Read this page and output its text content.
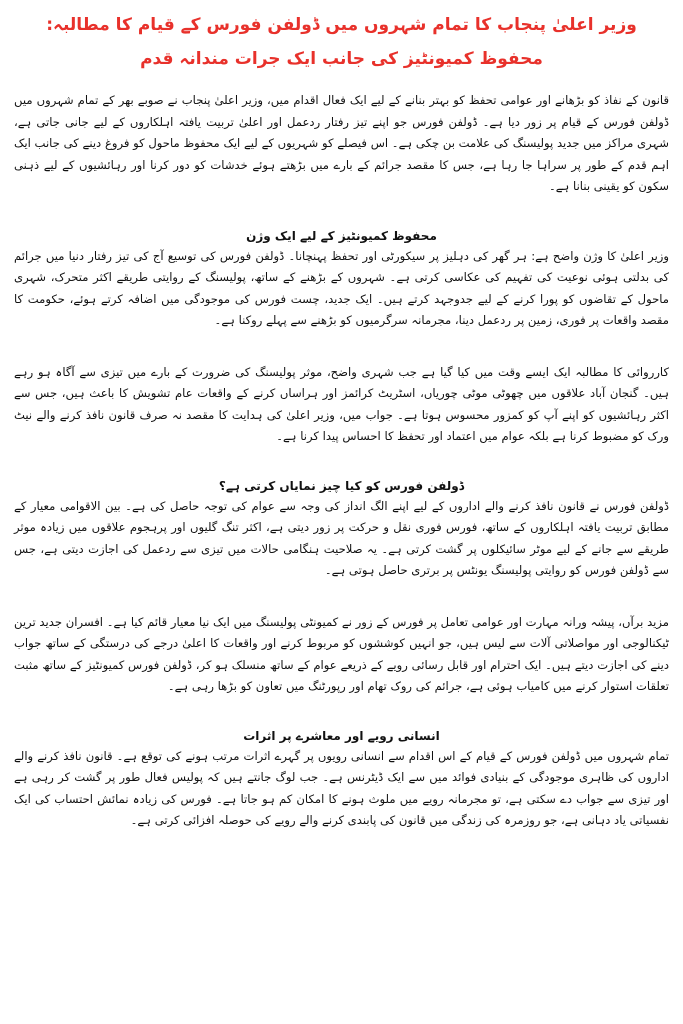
وزیر اعلیٰ پنجاب کا تمام شہروں میں ڈولفن فورس کے قیام کا مطالبہ: محفوظ کمیونٹیز کی جانب ایک جرات مندانہ قدم

قانون کے نفاذ کو بڑھانے اور عوامی تحفظ کو بہتر بنانے کے لیے ایک فعال اقدام میں، وزیر اعلیٰ پنجاب نے صوبے بھر کے تمام شہروں میں ڈولفن فورس کے قیام پر زور دیا ہے۔ ڈولفن فورس جو اپنے تیز رفتار ردعمل اور اعلیٰ تربیت یافتہ اہلکاروں کے لیے جانی جاتی ہے، شہری مراکز میں جدید پولیسنگ کی علامت بن چکی ہے۔ اس فیصلے کو شہریوں کے لیے ایک محفوظ ماحول کو فروغ دینے کی جانب ایک اہم قدم کے طور پر سراہا جا رہا ہے، جس کا مقصد جرائم کے بارے میں بڑھتے ہوئے خدشات کو دور کرنا اور رہائشیوں کے لیے ذہنی سکون کو یقینی بنانا ہے۔

محفوظ کمیونٹیز کے لیے ایک وژن

وزیر اعلیٰ کا وژن واضح ہے: ہر گھر کی دہلیز پر سیکورٹی اور تحفظ پہنچانا۔ ڈولفن فورس کی توسیع آج کی تیز رفتار دنیا میں جرائم کی بدلتی ہوئی نوعیت کی تفہیم کی عکاسی کرتی ہے۔ شہروں کے بڑھنے کے ساتھ، پولیسنگ کے روایتی طریقے اکثر متحرک، شہری ماحول کے تقاضوں کو پورا کرنے کے لیے جدوجہد کرتے ہیں۔ ایک جدید، چست فورس کی موجودگی میں اضافہ کرتے ہوئے، حکومت کا مقصد واقعات پر فوری، زمین پر ردعمل دینا، مجرمانہ سرگرمیوں کو بڑھنے سے پہلے روکنا ہے۔

کارروائی کا مطالبہ ایک ایسے وقت میں کیا گیا ہے جب شہری واضح، موثر پولیسنگ کی ضرورت کے بارے میں تیزی سے آگاہ ہو رہے ہیں۔ گنجان آباد علاقوں میں چھوٹی موٹی چوریاں، اسٹریٹ کرائمز اور ہراساں کرنے کے واقعات عام تشویش کا باعث ہیں، جس سے اکثر رہائشیوں کو اپنے آپ کو کمزور محسوس ہوتا ہے۔ جواب میں، وزیر اعلیٰ کی ہدایت کا مقصد نہ صرف قانون نافذ کرنے والے نیٹ ورک کو مضبوط کرنا ہے بلکہ عوام میں اعتماد اور تحفظ کا احساس پیدا کرنا ہے۔

ڈولفن فورس کو کیا چیز نمایاں کرتی ہے؟

ڈولفن فورس نے قانون نافذ کرنے والے اداروں کے لیے اپنے الگ انداز کی وجہ سے عوام کی توجہ حاصل کی ہے۔ بین الاقوامی معیار کے مطابق تربیت یافتہ اہلکاروں کے ساتھ، فورس فوری نقل و حرکت پر زور دیتی ہے، اکثر تنگ گلیوں اور پرہجوم علاقوں میں زیادہ موثر طریقے سے جانے کے لیے موٹر سائیکلوں پر گشت کرتی ہے۔ یہ صلاحیت ہنگامی حالات میں تیزی سے ردعمل کی اجازت دیتی ہے، جس سے ڈولفن فورس کو روایتی پولیسنگ یونٹس پر برتری حاصل ہوتی ہے۔

مزید برآں، پیشہ ورانہ مہارت اور عوامی تعامل پر فورس کے زور نے کمیونٹی پولیسنگ میں ایک نیا معیار قائم کیا ہے۔ افسران جدید ترین ٹیکنالوجی اور مواصلاتی آلات سے لیس ہیں، جو انہیں کوششوں کو مربوط کرنے اور واقعات کا اعلیٰ درجے کی درستگی کے ساتھ جواب دینے کی اجازت دیتے ہیں۔ ایک احترام اور قابل رسائی رویے کے ذریعے عوام کے ساتھ منسلک ہو کر، ڈولفن فورس کمیونٹیز کے ساتھ مثبت تعلقات استوار کرنے میں کامیاب ہوئی ہے، جرائم کی روک تھام اور رپورٹنگ میں تعاون کو بڑھا رہی ہے۔

انسانی رویے اور معاشرے پر اثرات

تمام شہروں میں ڈولفن فورس کے قیام کے اس اقدام سے انسانی رویوں پر گہرے اثرات مرتب ہونے کی توقع ہے۔ قانون نافذ کرنے والے اداروں کی ظاہری موجودگی کے بنیادی فوائد میں سے ایک ڈیٹرنس ہے۔ جب لوگ جانتے ہیں کہ پولیس فعال طور پر گشت کر رہی ہے اور تیزی سے جواب دے سکتی ہے، تو مجرمانہ رویے میں ملوث ہونے کا امکان کم ہو جاتا ہے۔ فورس کی زیادہ نمائش احتساب کی ایک نفسیاتی یاد دہانی ہے، جو روزمرہ کی زندگی میں قانون کی پابندی کرنے والے رویے کی حوصلہ افزائی کرتی ہے۔
